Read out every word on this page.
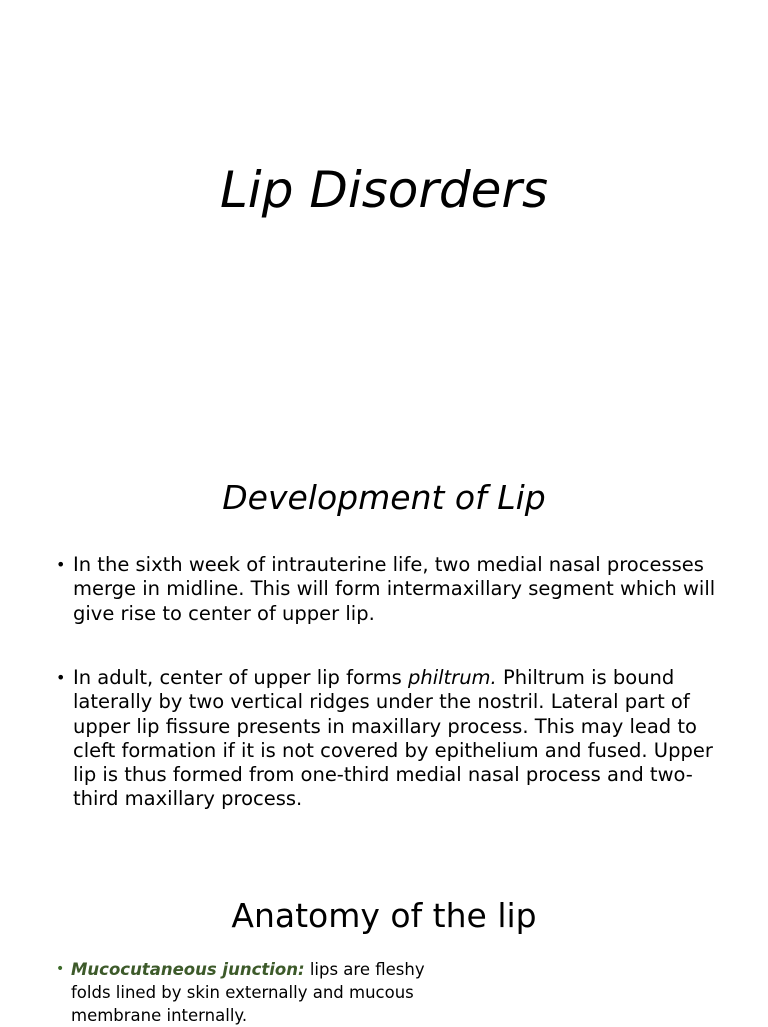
Lip Disorders
Development of Lip
• In the sixth week of intrauterine life, two medial nasal processes merge in midline. This will form intermaxillary segment which will give rise to center of upper lip.
• In adult, center of upper lip forms philtrum. Philtrum is bound laterally by two vertical ridges under the nostril. Lateral part of upper lip fissure presents in maxillary process. This may lead to cleft formation if it is not covered by epithelium and fused. Upper lip is thus formed from one-third medial nasal process and two-third maxillary process.
Anatomy of the lip
• Mucocutaneous junction: lips are fleshy folds lined by skin externally and mucous membrane internally.
